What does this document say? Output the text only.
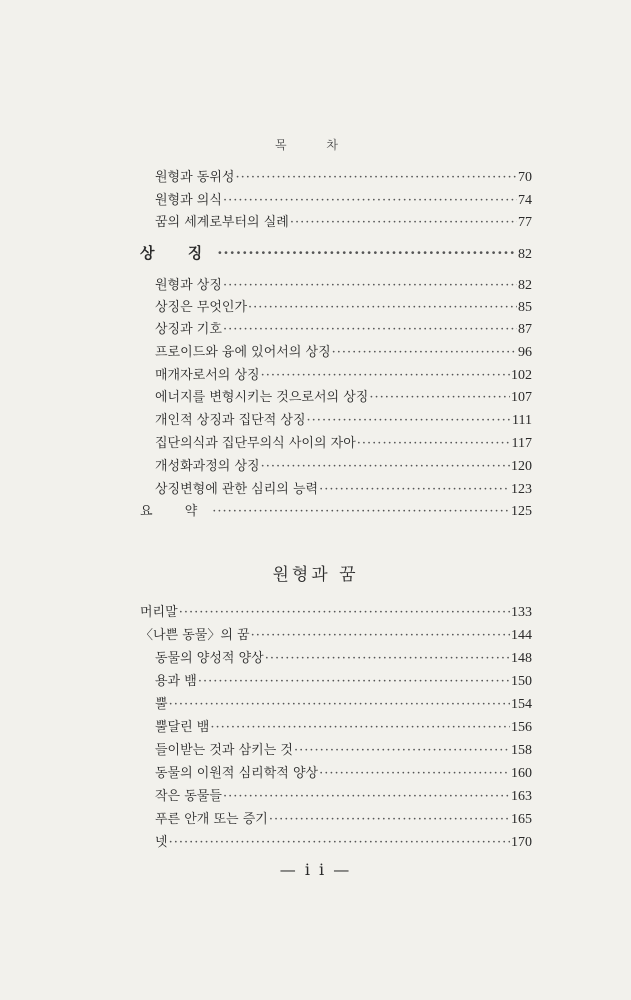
목 차
원형과 동위성 ·····	70
원형과 의식 ·····	74
꿈의 세계로부터의 실례 ·····	77
상 징 ·····	82
원형과 상징 ·····	82
상징은 무엇인가 ·····	85
상징과 기호 ·····	87
프로이드와 융에 있어서의 상징 ·····	96
매개자로서의 상징 ·····	102
에너지를 변형시키는 것으로서의 상징 ·····	107
개인적 상징과 집단적 상징 ·····	111
집단의식과 집단무의식 사이의 자아 ·····	117
개성화과정의 상징 ·····	120
상징변형에 관한 심리의 능력 ·····	123
요 약 ·····	125
원형과 꿈
머리말 ·····	133
〈나쁜 동물〉의 꿈 ·····	144
동물의 양성적 양상 ·····	148
용과 뱀 ·····	150
뿔 ·····	154
뿔달린 뱀 ·····	156
들이받는 것과 삼키는 것 ·····	158
동물의 이원적 심리학적 양상 ·····	160
작은 동물들 ·····	163
푸른 안개 또는 증기 ·····	165
넷 ·····	170
— i i —
